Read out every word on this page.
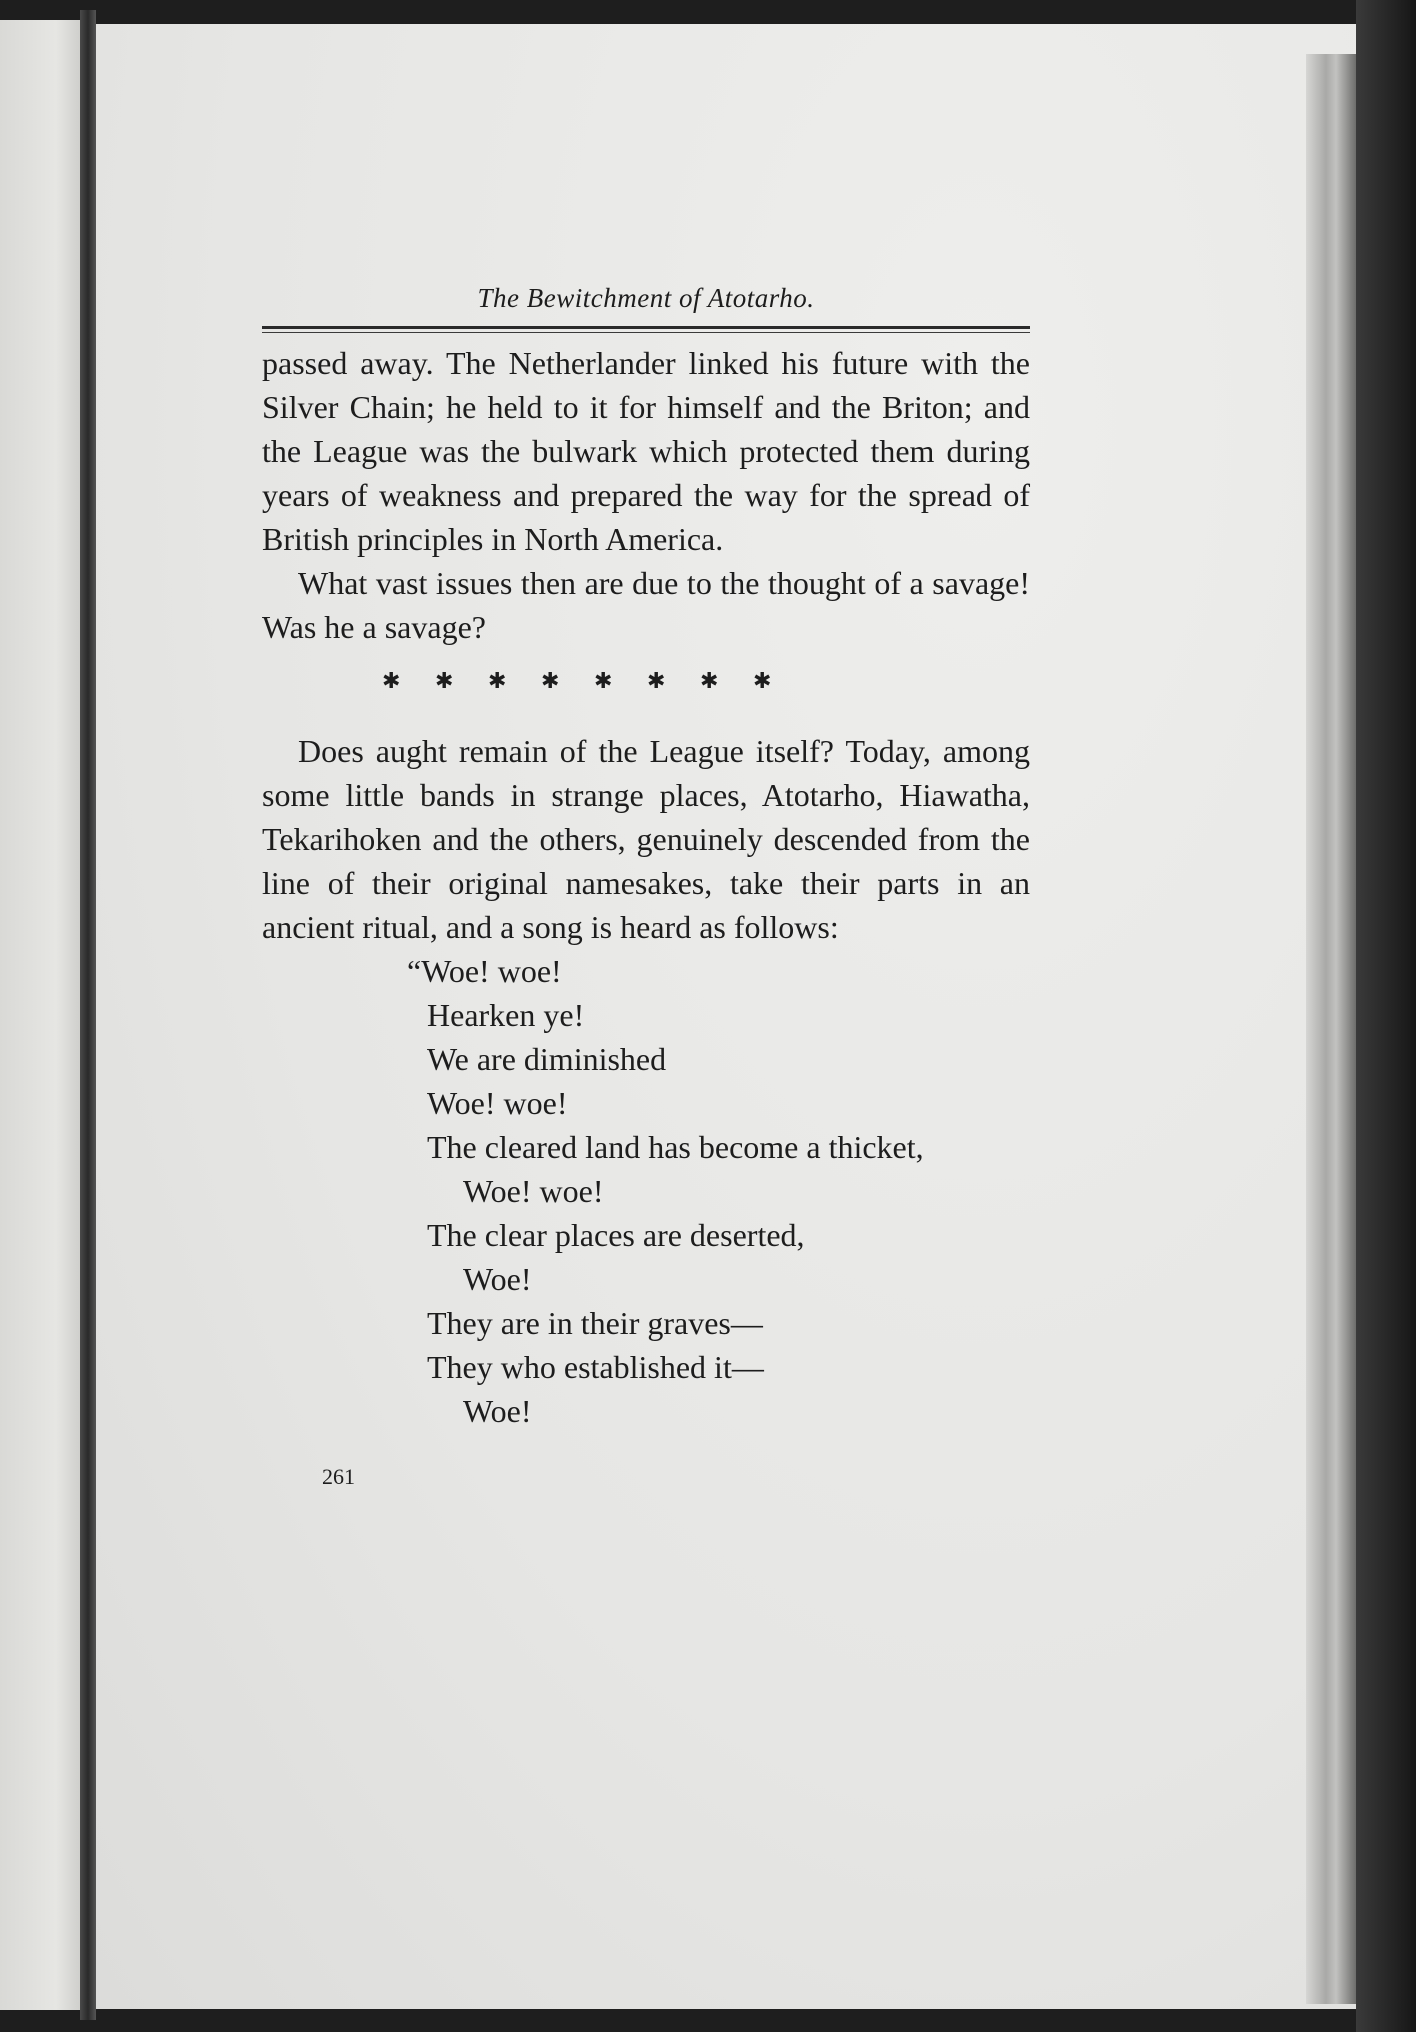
The Bewitchment of Atotarho.

passed away. The Netherlander linked his future with the Silver Chain; he held to it for himself and the Briton; and the League was the bulwark which protected them during years of weakness and prepared the way for the spread of British principles in North America.

What vast issues then are due to the thought of a savage! Was he a savage?

✱ ✱ ✱ ✱ ✱ ✱ ✱ ✱

Does aught remain of the League itself? Today, among some little bands in strange places, Atotarho, Hiawatha, Tekarihoken and the others, genuinely descended from the line of their original namesakes, take their parts in an ancient ritual, and a song is heard as follows:

“Woe! woe!
Hearken ye!
We are diminished
Woe! woe!
The cleared land has become a thicket,
Woe! woe!
The clear places are deserted,
Woe!
They are in their graves—
They who established it—
Woe!
261
